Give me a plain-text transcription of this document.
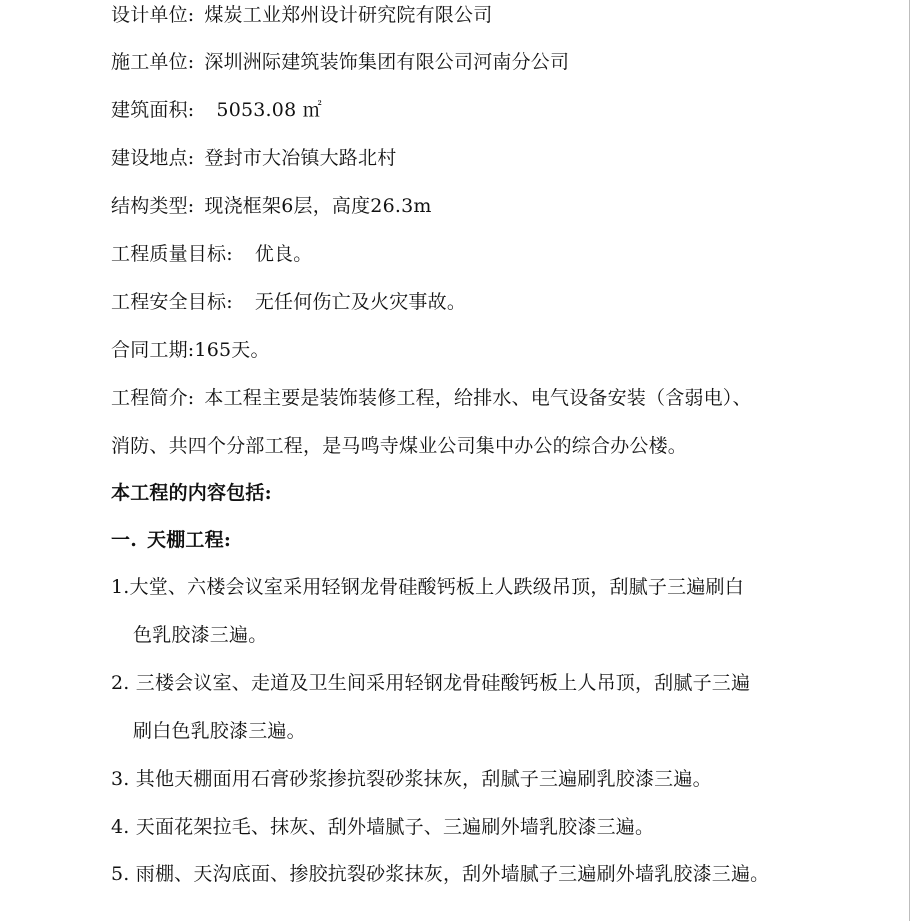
设计单位: 煤炭工业郑州设计研究院有限公司
施工单位: 深圳洲际建筑装饰集团有限公司河南分公司
建筑面积: 5053.08 ㎡
建设地点: 登封市大冶镇大路北村
结构类型: 现浇框架6层，高度26.3m
工程质量目标: 优良。
工程安全目标: 无任何伤亡及火灾事故。
合同工期:165天。
工程简介: 本工程主要是装饰装修工程，给排水、电气设备安装（含弱电）、
消防、共四个分部工程，是马鸣寺煤业公司集中办公的综合办公楼。
本工程的内容包括:
一. 天棚工程:
1.大堂、六楼会议室采用轻钢龙骨硅酸钙板上人跌级吊顶，刮腻子三遍刷白
色乳胶漆三遍。
2. 三楼会议室、走道及卫生间采用轻钢龙骨硅酸钙板上人吊顶，刮腻子三遍
刷白色乳胶漆三遍。
3. 其他天棚面用石膏砂浆掺抗裂砂浆抹灰，刮腻子三遍刷乳胶漆三遍。
4. 天面花架拉毛、抹灰、刮外墙腻子、三遍刷外墙乳胶漆三遍。
5. 雨棚、天沟底面、掺胶抗裂砂浆抹灰，刮外墙腻子三遍刷外墙乳胶漆三遍。
